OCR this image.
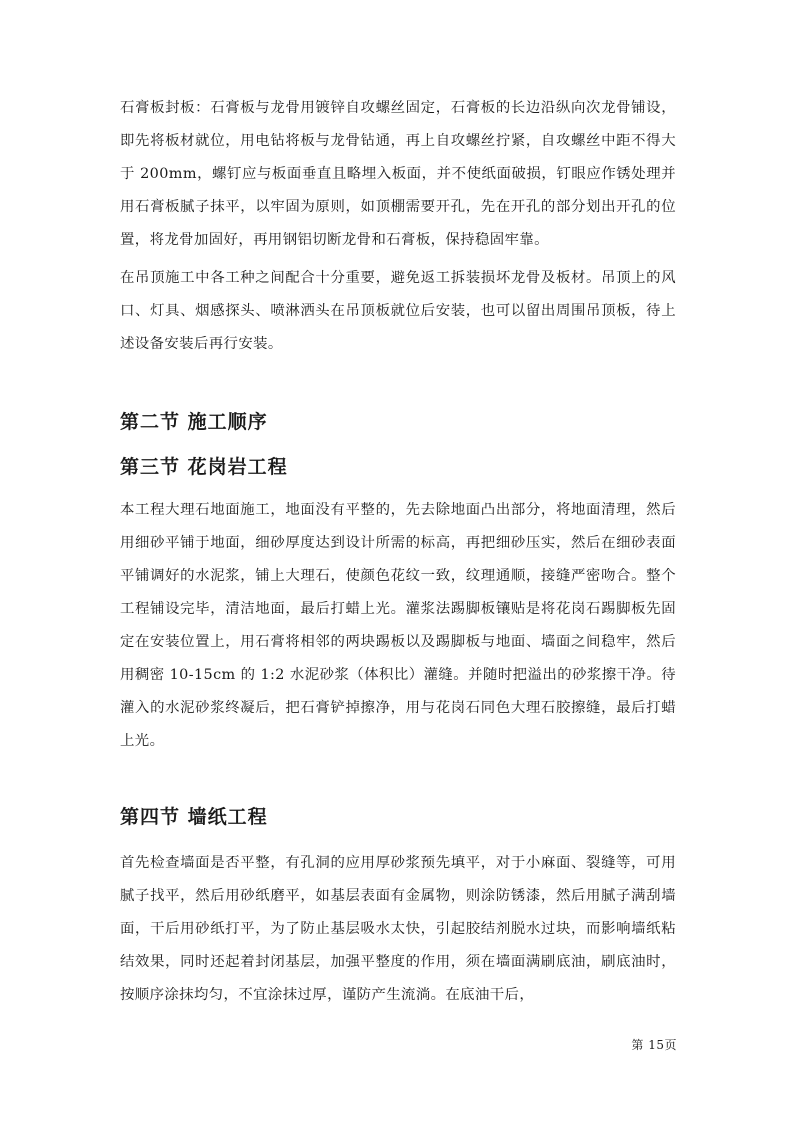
石膏板封板：石膏板与龙骨用镀锌自攻螺丝固定，石膏板的长边沿纵向次龙骨铺设，即先将板材就位，用电钻将板与龙骨钻通，再上自攻螺丝拧紧，自攻螺丝中距不得大于 200mm，螺钉应与板面垂直且略埋入板面，并不使纸面破损，钉眼应作锈处理并用石膏板腻子抹平，以牢固为原则，如顶棚需要开孔，先在开孔的部分划出开孔的位置，将龙骨加固好，再用钢铝切断龙骨和石膏板，保持稳固牢靠。

在吊顶施工中各工种之间配合十分重要，避免返工拆装损坏龙骨及板材。吊顶上的风口、灯具、烟感探头、喷淋洒头在吊顶板就位后安装，也可以留出周围吊顶板，待上述设备安装后再行安装。

第二节 施工顺序
第三节 花岗岩工程

本工程大理石地面施工，地面没有平整的，先去除地面凸出部分，将地面清理，然后用细砂平铺于地面，细砂厚度达到设计所需的标高，再把细砂压实，然后在细砂表面平铺调好的水泥浆，铺上大理石，使颜色花纹一致，纹理通顺，接缝严密吻合。整个工程铺设完毕，清洁地面，最后打蜡上光。灌浆法踢脚板镶贴是将花岗石踢脚板先固定在安装位置上，用石膏将相邻的两块踢板以及踢脚板与地面、墙面之间稳牢，然后用稠密 10-15cm 的 1:2 水泥砂浆（体积比）灌缝。并随时把溢出的砂浆擦干净。待灌入的水泥砂浆终凝后，把石膏铲掉擦净，用与花岗石同色大理石胶擦缝，最后打蜡上光。

第四节 墙纸工程

首先检查墙面是否平整，有孔洞的应用厚砂浆预先填平，对于小麻面、裂缝等，可用腻子找平，然后用砂纸磨平，如基层表面有金属物，则涂防锈漆，然后用腻子满刮墙面，干后用砂纸打平，为了防止基层吸水太快，引起胶结剂脱水过块，而影响墙纸粘结效果，同时还起着封闭基层，加强平整度的作用，须在墙面满刷底油，刷底油时，按顺序涂抹均匀，不宜涂抹过厚，谨防产生流淌。在底油干后，

第 15页
